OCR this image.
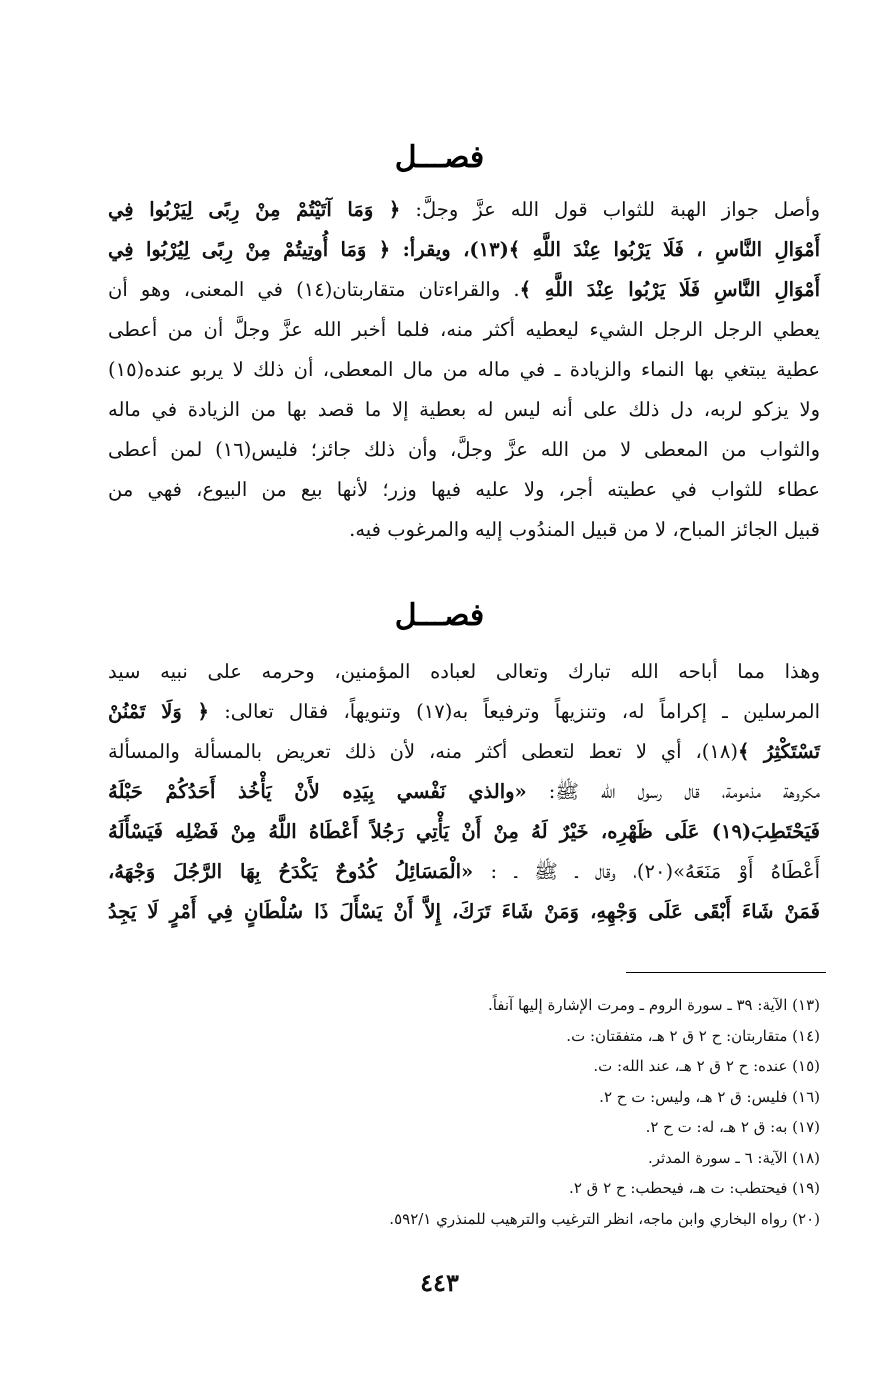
فصـــل
وأصل جواز الهبة للثواب قول الله عزَّ وجلَّ: ﴿ وَمَا آتَيْتُمْ مِنْ رِبًى لِيَرْبُوا فِي
أَمْوَالِ النَّاسِ ، فَلَا يَرْبُوا عِنْدَ اللَّهِ ﴾(١٣)، ويقرأ: ﴿ وَمَا أُوتِيتُمْ مِنْ رِبًى لِيُرْبُوا فِي
أَمْوَالِ النَّاسِ فَلَا يَرْبُوا عِنْدَ اللَّهِ ﴾. والقراءتان متقاربتان(١٤) في المعنى، وهو أن
يعطي الرجل الرجل الشيء ليعطيه أكثر منه، فلما أخبر الله عزَّ وجلَّ أن من أعطى
عطية يبتغي بها النماء والزيادة ـ في ماله من مال المعطى، أن ذلك لا يربو عنده(١٥)
ولا يزكو لربه، دل ذلك على أنه ليس له بعطية إلا ما قصد بها من الزيادة في ماله
والثواب من المعطى لا من الله عزَّ وجلَّ، وأن ذلك جائز؛ فليس(١٦) لمن أعطى
عطاء للثواب في عطيته أجر، ولا عليه فيها وزر؛ لأنها بيع من البيوع، فهي من
قبيل الجائز المباح، لا من قبيل المندُوب إليه والمرغوب فيه.
فصـــل
وهذا مما أباحه الله تبارك وتعالى لعباده المؤمنين، وحرمه على نبيه سيد
المرسلين ـ إكراماً له، وتنزيهاً وترفيعاً به(١٧) وتنويهاً، فقال تعالى: ﴿ وَلَا تَمْنُنْ
تَسْتَكْثِرُ ﴾(١٨)، أي لا تعط لتعطى أكثر منه، لأن ذلك تعريض بالمسألة والمسألة
مكروهة مذمومة، قال رسول الله ﷺ: «والذي نَفْسي بِيَدِه لأَنْ يَأْخُذ أَحَدُكُمْ حَبْلَهُ
فَيَحْتَطِبَ(١٩) عَلَى ظَهْرِه، خَيْرٌ لَهُ مِنْ أَنْ يَأْتِي رَجُلاً أَعْطَاهُ اللَّهُ مِنْ فَضْلِه فَيَسْأَلَهُ
أَعْطَاهُ أَوْ مَنَعَهُ»(٢٠)، وقال ـ ﷺ ـ : «الْمَسَائِلُ كُدُوحٌ يَكْدَحُ بِهَا الرَّجُلَ وَجْهَهُ،
فَمَنْ شَاءَ أَبْقَى عَلَى وَجْهِهِ، وَمَنْ شَاءَ تَرَكَ، إِلاَّ أَنْ يَسْأَلَ ذَا سُلْطَانٍ فِي أَمْرٍ لَا يَجِدُ
(١٣) الآية: ٣٩ ـ سورة الروم ـ ومرت الإشارة إليها آنفاً.
(١٤) متقاربتان: ح ٢ ق ٢ هـ، متفقتان: ت.
(١٥) عنده: ح ٢ ق ٢ هـ، عند الله: ت.
(١٦) فليس: ق ٢ هـ، وليس: ت ح ٢.
(١٧) به: ق ٢ هـ، له: ت ح ٢.
(١٨) الآية: ٦ ـ سورة المدثر.
(١٩) فيحتطب: ت هـ، فيحطب: ح ٢ ق ٢.
(٢٠) رواه البخاري وابن ماجه، انظر الترغيب والترهيب للمنذري ٥٩٢/١.
٤٤٣
